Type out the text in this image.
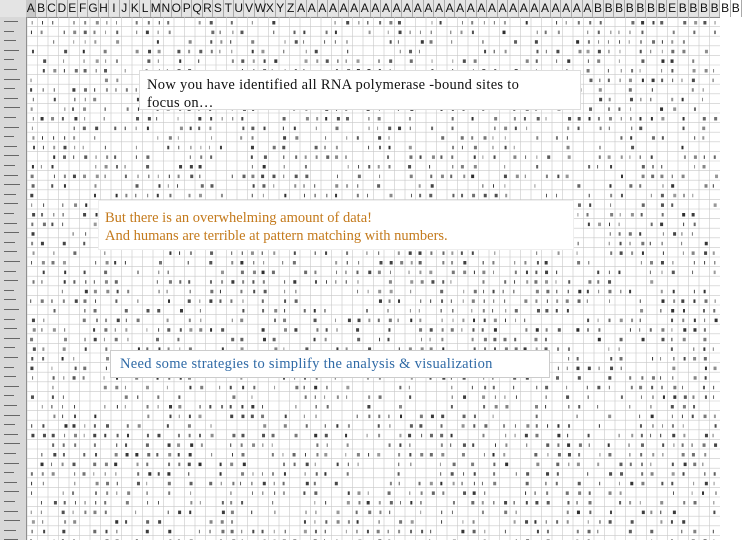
A B C D E F G H I J K L M N O P Q R S T U V W X Y Z A A A A A A A A A A A A A A A A A A A A A A A A A A A A B B B B B B B E B B B B B B
Now you have identified all RNA polymerase -bound sites to
focus on…
But there is an overwhelming amount of data!
And humans are terrible at pattern matching with numbers.
Need some strategies to simplify the analysis & visualization
